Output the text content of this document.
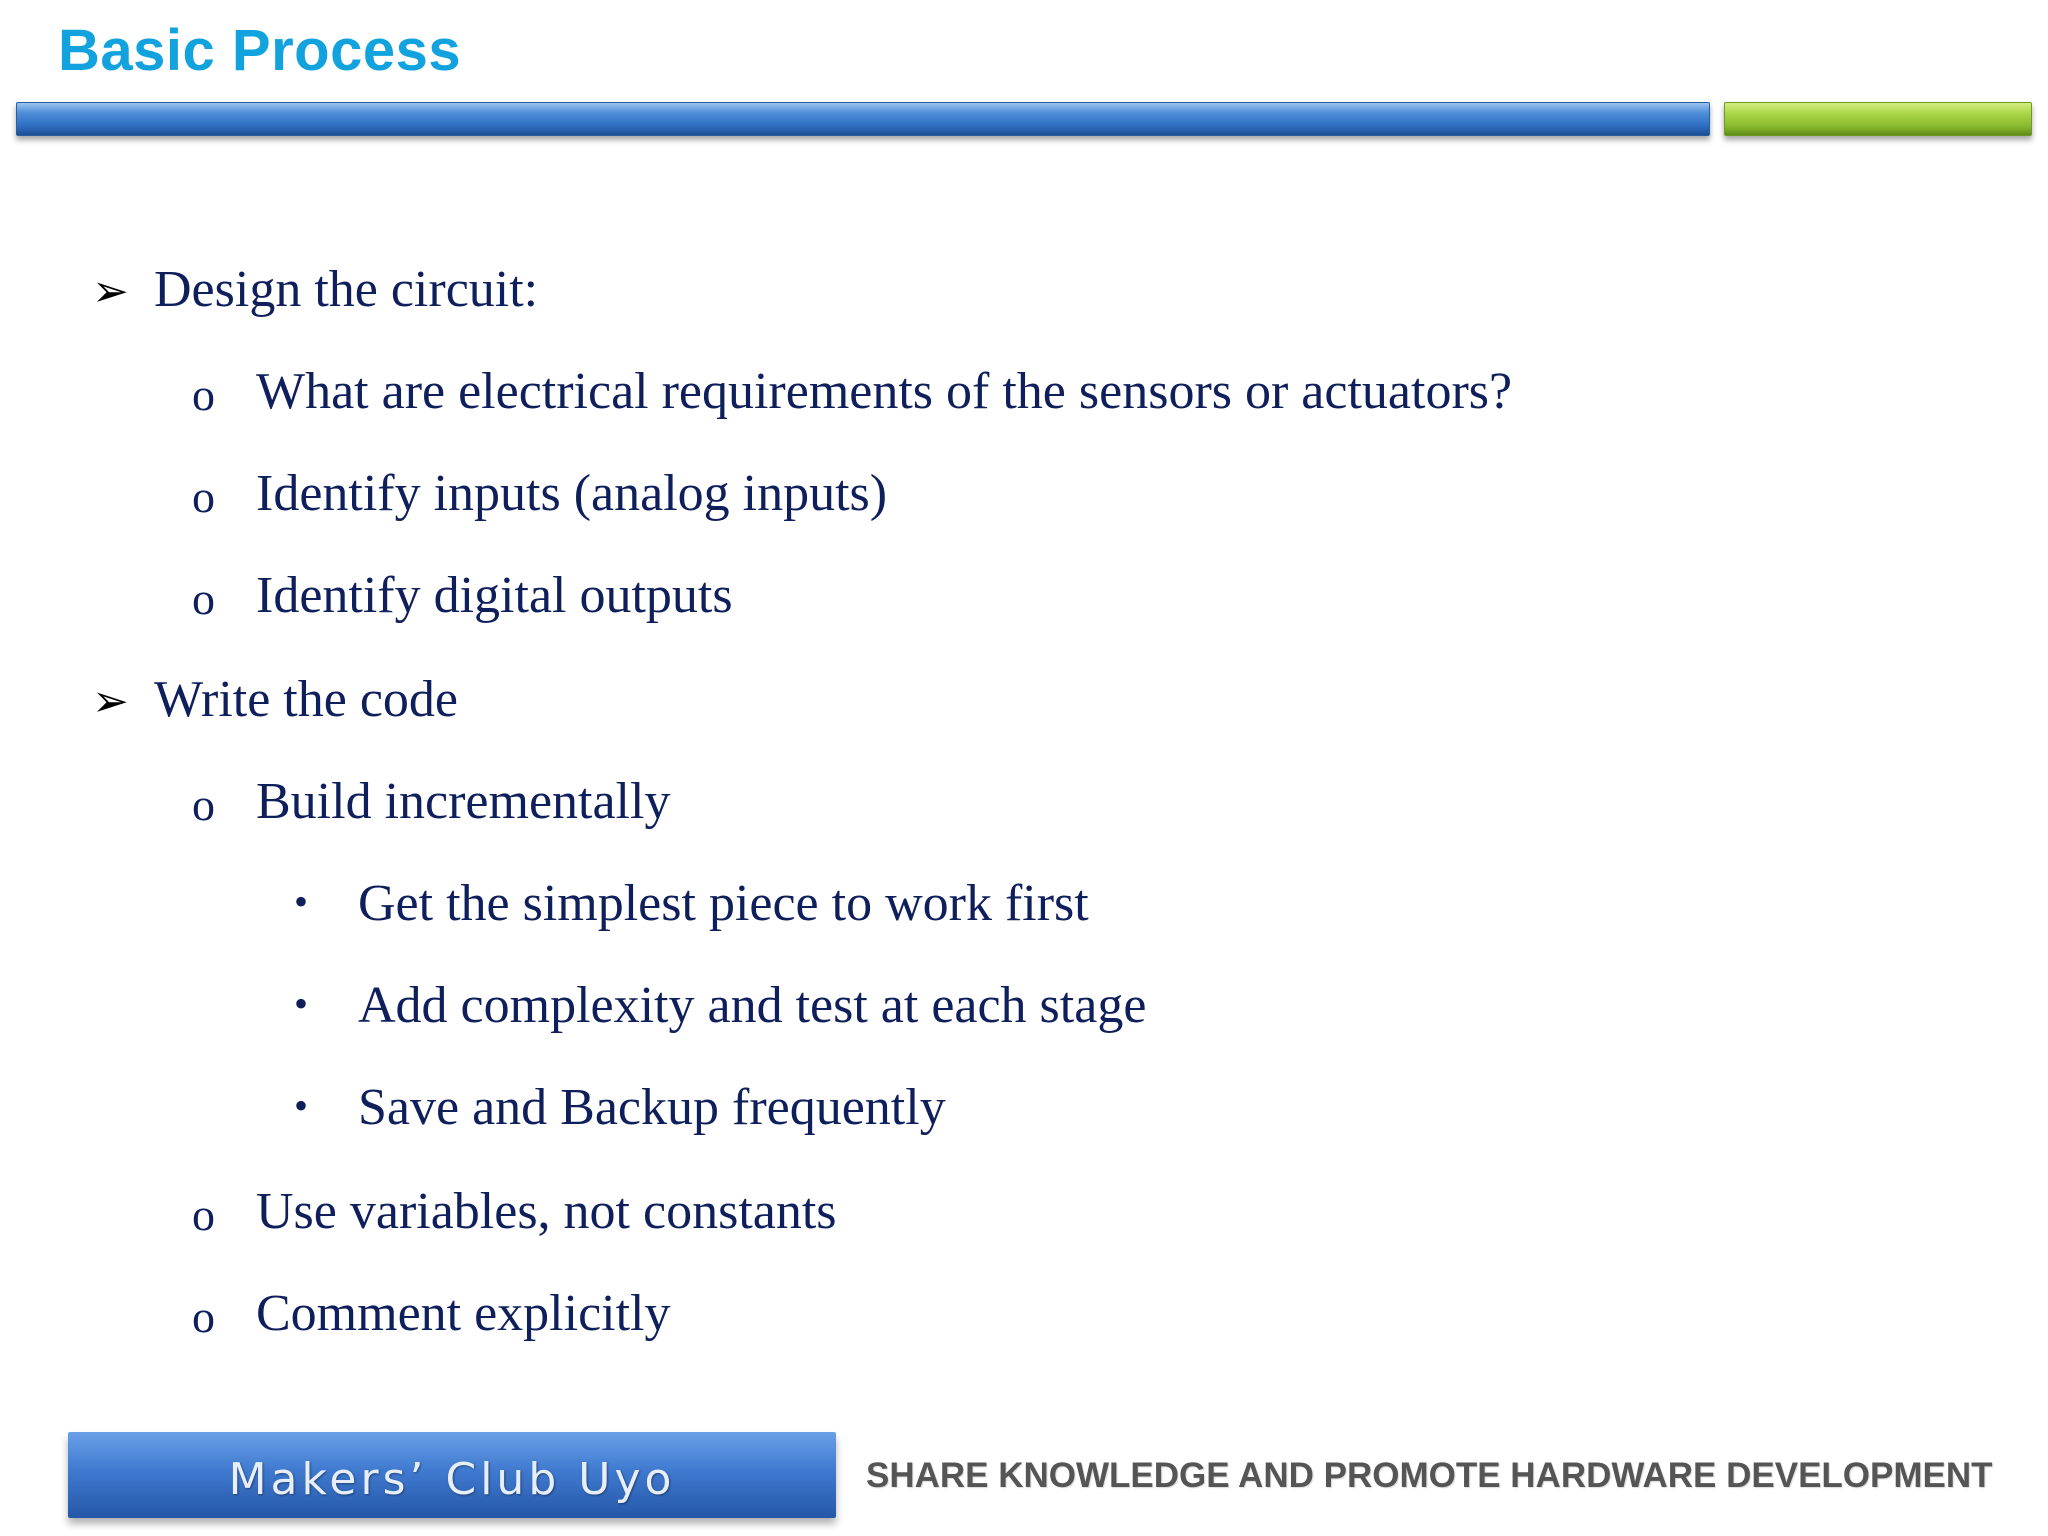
Basic Process
➢ Design the circuit:
o What are electrical requirements of the sensors or actuators?
o Identify inputs (analog inputs)
o Identify digital outputs
➢ Write the code
o Build incrementally
• Get the simplest piece to work first
• Add complexity and test at each stage
• Save and Backup frequently
o Use variables, not constants
o Comment explicitly
Makers’ Club Uyo	SHARE KNOWLEDGE AND PROMOTE HARDWARE DEVELOPMENT
